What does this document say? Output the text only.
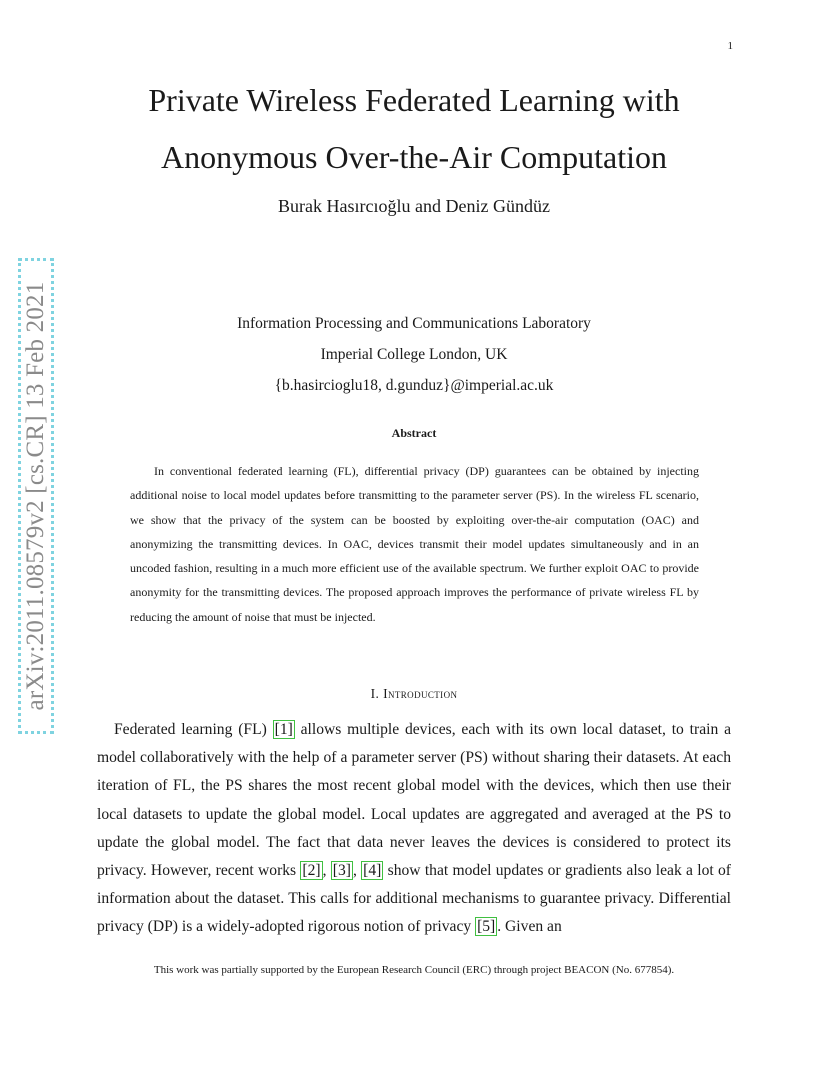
1
arXiv:2011.08579v2 [cs.CR] 13 Feb 2021
Private Wireless Federated Learning with
Anonymous Over-the-Air Computation
Burak Hasırcıoğlu and Deniz Gündüz
Information Processing and Communications Laboratory
Imperial College London, UK
{b.hasircioglu18, d.gunduz}@imperial.ac.uk
Abstract

In conventional federated learning (FL), differential privacy (DP) guarantees can be obtained by injecting additional noise to local model updates before transmitting to the parameter server (PS). In the wireless FL scenario, we show that the privacy of the system can be boosted by exploiting over-the-air computation (OAC) and anonymizing the transmitting devices. In OAC, devices transmit their model updates simultaneously and in an uncoded fashion, resulting in a much more efficient use of the available spectrum. We further exploit OAC to provide anonymity for the transmitting devices. The proposed approach improves the performance of private wireless FL by reducing the amount of noise that must be injected.

I. Introduction

Federated learning (FL) [1] allows multiple devices, each with its own local dataset, to train a model collaboratively with the help of a parameter server (PS) without sharing their datasets. At each iteration of FL, the PS shares the most recent global model with the devices, which then use their local datasets to update the global model. Local updates are aggregated and averaged at the PS to update the global model. The fact that data never leaves the devices is considered to protect its privacy. However, recent works [2] , [3] , [4] show that model updates or gradients also leak a lot of information about the dataset. This calls for additional mechanisms to guarantee privacy. Differential privacy (DP) is a widely-adopted rigorous notion of privacy [5] . Given an

This work was partially supported by the European Research Council (ERC) through project BEACON (No. 677854).
